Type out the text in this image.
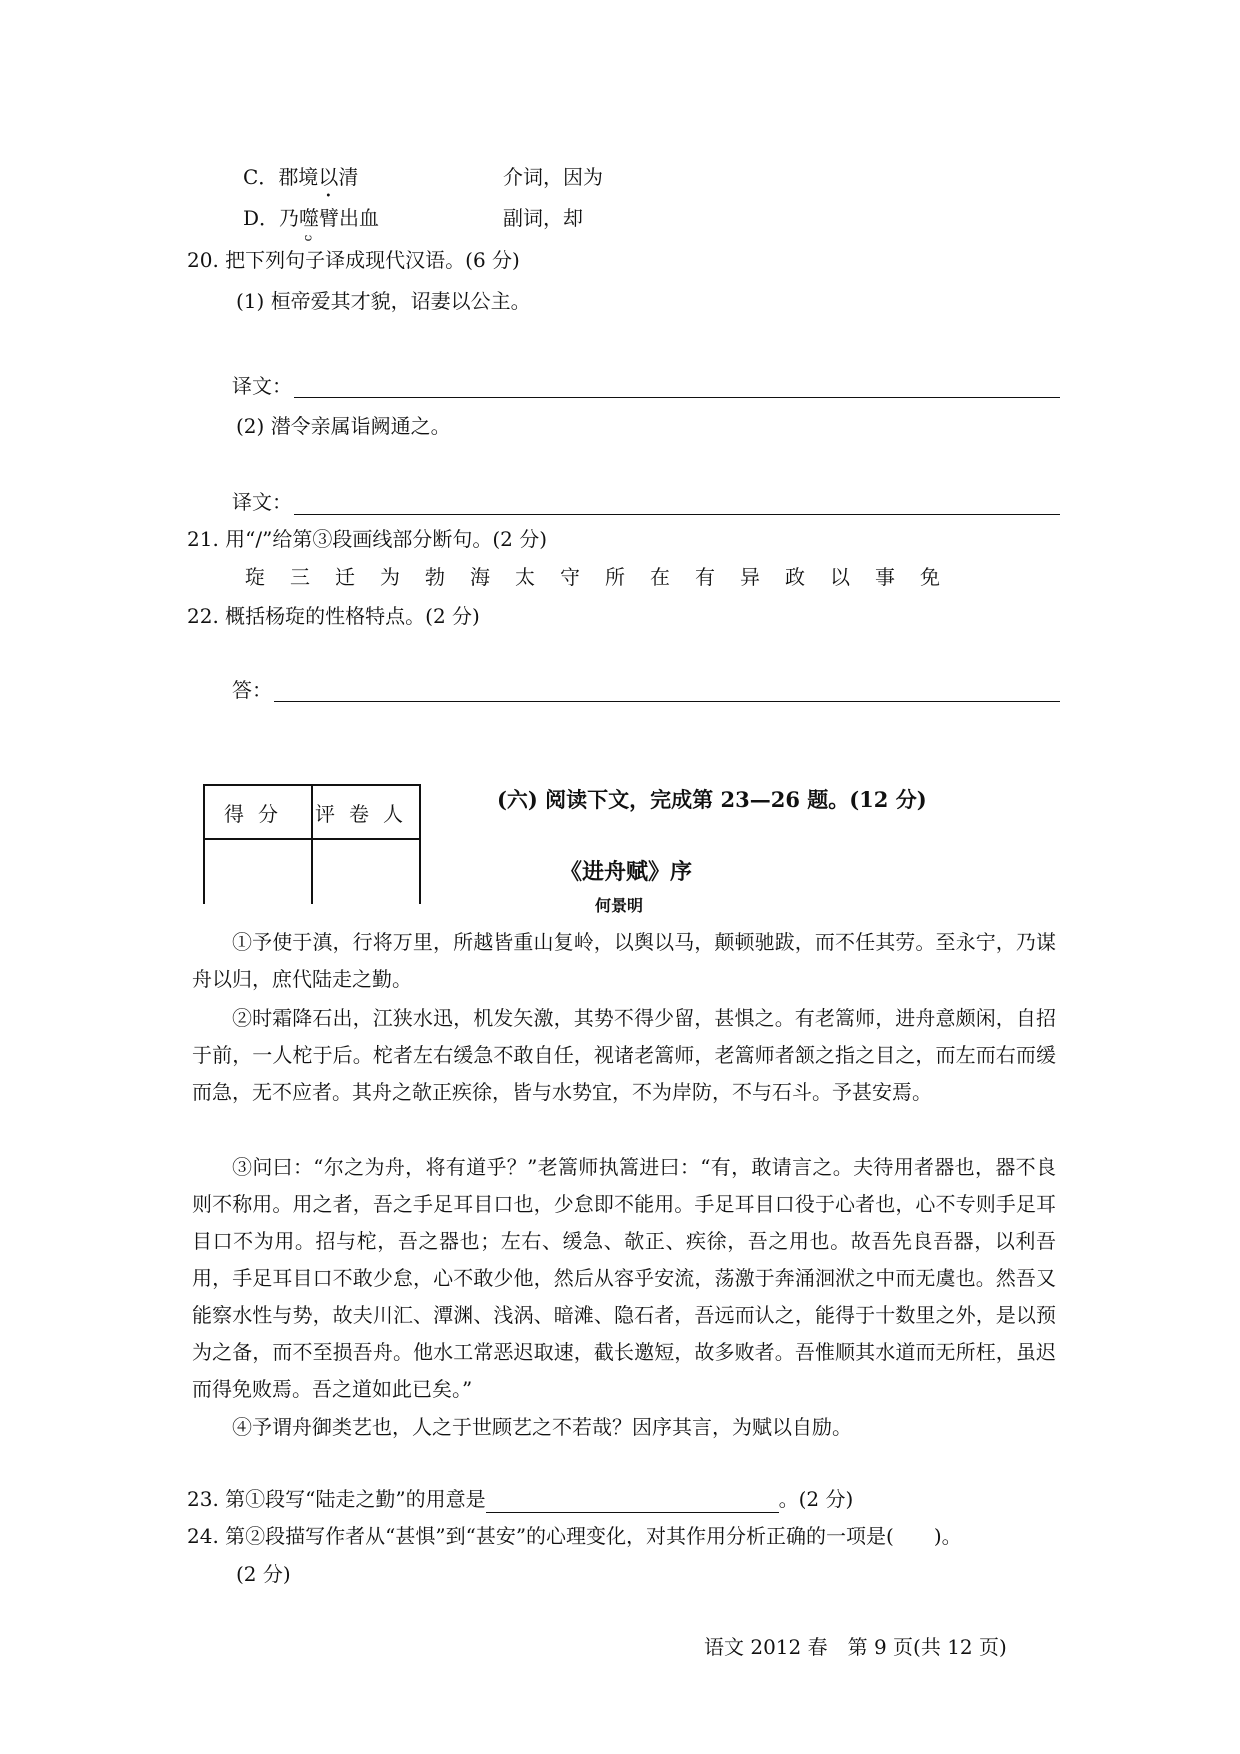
C．郡境以清	介词，因为
D．乃噬 ɔ臂出血	副词，却
20. 把下列句子译成现代汉语。(6 分)
(1) 桓帝爱其才貌，诏妻以公主。
译文：
(2) 潜令亲属诣阙通之。
译文：
21. 用“/”给第③段画线部分断句。(2 分)
琁三迁为勃海太守所在有异政以事免
22. 概括杨琁的性格特点。(2 分)
答：
得分	评卷人

(六) 阅读下文，完成第 23—26 题。(12 分)
《进舟赋》序
何景明
①予使于滇，行将万里，所越皆重山复岭，以舆以马，颠顿驰跋，而不任其劳。至永宁，乃谋舟以归，庶代陆走之勤。
②时霜降石出，江狭水迅，机发矢激，其势不得少留，甚惧之。有老篙师，进舟意颇闲，自招于前，一人柁于后。柁者左右缓急不敢自任，视诸老篙师，老篙师者颔之指之目之，而左而右而缓而急，无不应者。其舟之欹正疾徐，皆与水势宜，不为岸防，不与石斗。予甚安焉。
③问曰：“尔之为舟，将有道乎？”老篙师执篙进曰：“有，敢请言之。夫待用者器也，器不良则不称用。用之者，吾之手足耳目口也，少怠即不能用。手足耳目口役于心者也，心不专则手足耳目口不为用。招与柁，吾之器也；左右、缓急、欹正、疾徐，吾之用也。故吾先良吾器，以利吾用，手足耳目口不敢少怠，心不敢少他，然后从容乎安流，荡激于奔涌洄洑之中而无虞也。然吾又能察水性与势，故夫川汇、潭渊、浅涡、暗滩、隐石者，吾远而认之，能得于十数里之外，是以预为之备，而不至损吾舟。他水工常恶迟取速，截长邀短，故多败者。吾惟顺其水道而无所枉，虽迟而得免败焉。吾之道如此已矣。”
④予谓舟御类艺也，人之于世顾艺之不若哉？因序其言，为赋以自励。
23. 第①段写“陆走之勤”的用意是	。(2 分)
24. 第②段描写作者从“甚惧”到“甚安”的心理变化，对其作用分析正确的一项是(　　)。
(2 分)
语文 2012 春　第 9 页(共 12 页)
